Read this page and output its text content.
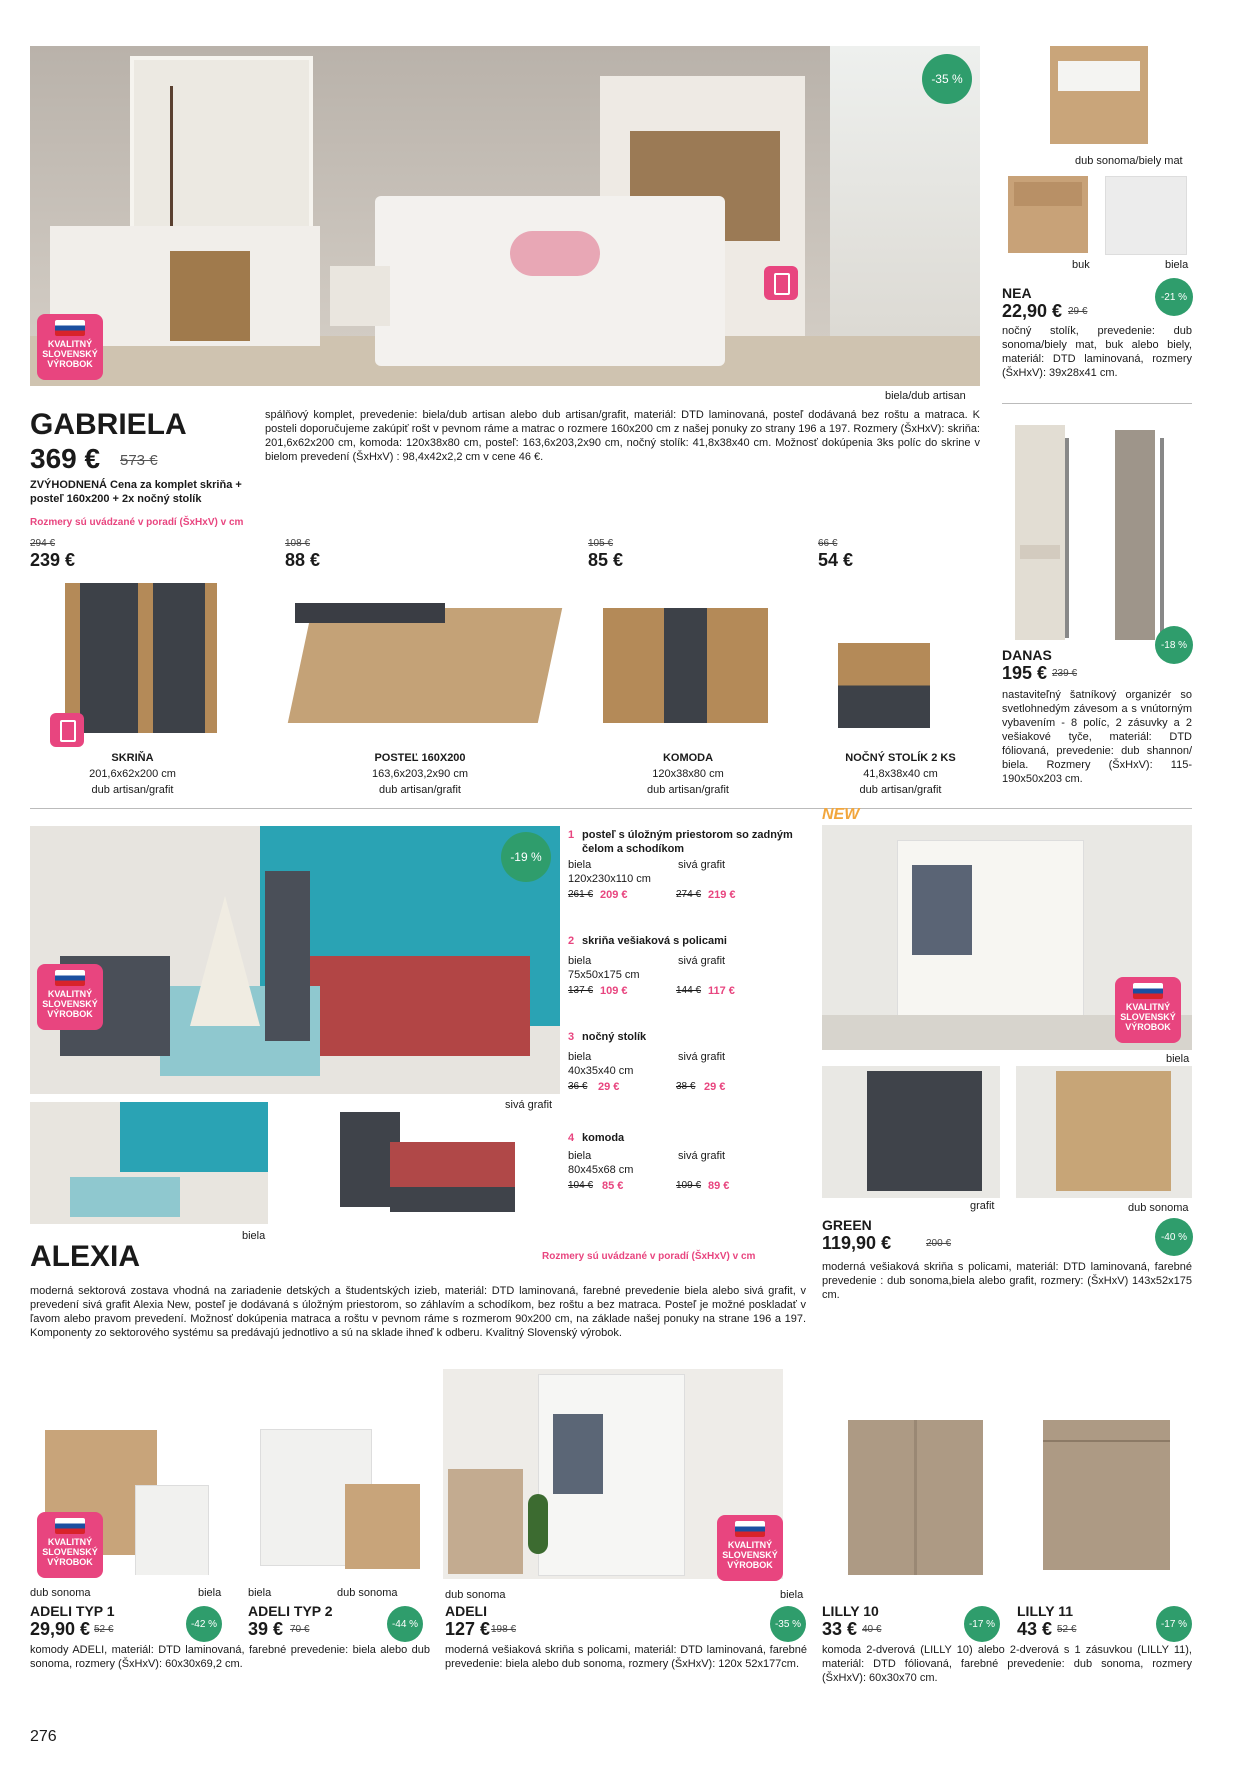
-35 %
KVALITNÝ
SLOVENSKÝ
VÝROBOK
biela/dub artisan
dub sonoma/biely mat
buk	biela
NEA
22,90 € 29 €
-21 %
nočný stolík, prevedenie: dub sonoma/biely mat, buk alebo biely, materiál: DTD laminovaná, rozmery (ŠxHxV): 39x28x41 cm.
DANAS
195 € 239 €
-18 %
nastaviteľný šatníkový organizér so svetlohnedým závesom a s vnútorným vybavením - 8 políc, 2 zásuvky a 2 vešiakové tyče, materiál: DTD fóliovaná, prevedenie: dub shannon/ biela. Rozmery (ŠxHxV): 115-190x50x203 cm.
GABRIELA
369 € 573 €
ZVÝHODNENÁ Cena za komplet skriňa + posteľ 160x200 + 2x nočný stolík
Rozmery sú uvádzané v poradí (ŠxHxV) v cm
spálňový komplet, prevedenie: biela/dub artisan alebo dub artisan/grafit, materiál: DTD laminovaná, posteľ dodávaná bez roštu a matraca. K posteli doporučujeme zakúpiť rošt v pevnom ráme a matrac o rozmere 160x200 cm z našej ponuky zo strany 196 a 197. Rozmery (ŠxHxV): skriňa: 201,6x62x200 cm, komoda: 120x38x80 cm, posteľ: 163,6x203,2x90 cm, nočný stolík: 41,8x38x40 cm. Možnosť dokúpenia 3ks políc do skrine v bielom prevedení (ŠxHxV) : 98,4x42x2,2 cm v cene 46 €.
294 €
239 €
SKRIŇA
201,6x62x200 cm
dub artisan/grafit
108 €
88 €
POSTEĽ 160X200
163,6x203,2x90 cm
dub artisan/grafit
105 €
85 €
KOMODA
120x38x80 cm
dub artisan/grafit
66 €
54 €
NOČNÝ STOLÍK 2 KS
41,8x38x40 cm
dub artisan/grafit
-19 %
KVALITNÝ
SLOVENSKÝ
VÝROBOK
sivá grafit
biela
ALEXIA	Rozmery sú uvádzané v poradí (ŠxHxV) v cm
moderná sektorová zostava vhodná na zariadenie detských a študentských izieb, materiál: DTD laminovaná, farebné prevedenie biela alebo sivá grafit, v prevedení sivá grafit Alexia New, posteľ je dodávaná s úložným priestorom, so záhlavím a schodíkom, bez roštu a bez matraca. Posteľ je možné poskladať v ľavom alebo pravom prevedení. Možnosť dokúpenia matraca a roštu v pevnom ráme s rozmerom 90x200 cm, na základe našej ponuky na strane 196 a 197. Komponenty zo sektorového systému sa predávajú jednotlivo a sú na sklade ihneď k odberu. Kvalitný Slovenský výrobok.
1 posteľ s úložným priestorom so zadným čelom a schodíkom
biela	sivá grafit
120x230x110 cm
261 € 209 €	274 € 219 €
2 skriňa vešiaková s policami
biela	sivá grafit
75x50x175 cm
137 € 109 €	144 € 117 €
3 nočný stolík
biela	sivá grafit
40x35x40 cm
36 € 29 €	38 € 29 €
4 komoda
biela	sivá grafit
80x45x68 cm
104 € 85 €	109 € 89 €
NEW
KVALITNÝ
SLOVENSKÝ
VÝROBOK
biela
grafit	dub sonoma
GREEN
119,90 €	200 €
-40 %
moderná vešiaková skriňa s policami, materiál: DTD laminovaná, farebné prevedenie : dub sonoma,biela alebo grafit, rozmery: (ŠxHxV) 143x52x175 cm.
KVALITNÝ
SLOVENSKÝ
VÝROBOK
dub sonoma	biela biela	dub sonoma
ADELI TYP 1
29,90 € 52 €	-42 %
ADELI TYP 2
39 € 70 €	-44 %
komody ADELI, materiál: DTD laminovaná, farebné prevedenie: biela alebo dub sonoma, rozmery (ŠxHxV): 60x30x69,2 cm.
KVALITNÝ
SLOVENSKÝ
VÝROBOK
dub sonoma	biela
ADELI
127 € 198 €	-35 %
moderná vešiaková skriňa s policami, materiál: DTD laminovaná, farebné prevedenie: biela alebo dub sonoma, rozmery (ŠxHxV): 120x 52x177cm.
LILLY 10
33 € 40 €	-17 %
LILLY 11
43 € 52 €	-17 %
komoda 2-dverová (LILLY 10) alebo 2-dverová s 1 zásuvkou (LILLY 11), materiál: DTD fóliovaná, farebné prevedenie: dub sonoma, rozmery (ŠxHxV): 60x30x70 cm.
276
